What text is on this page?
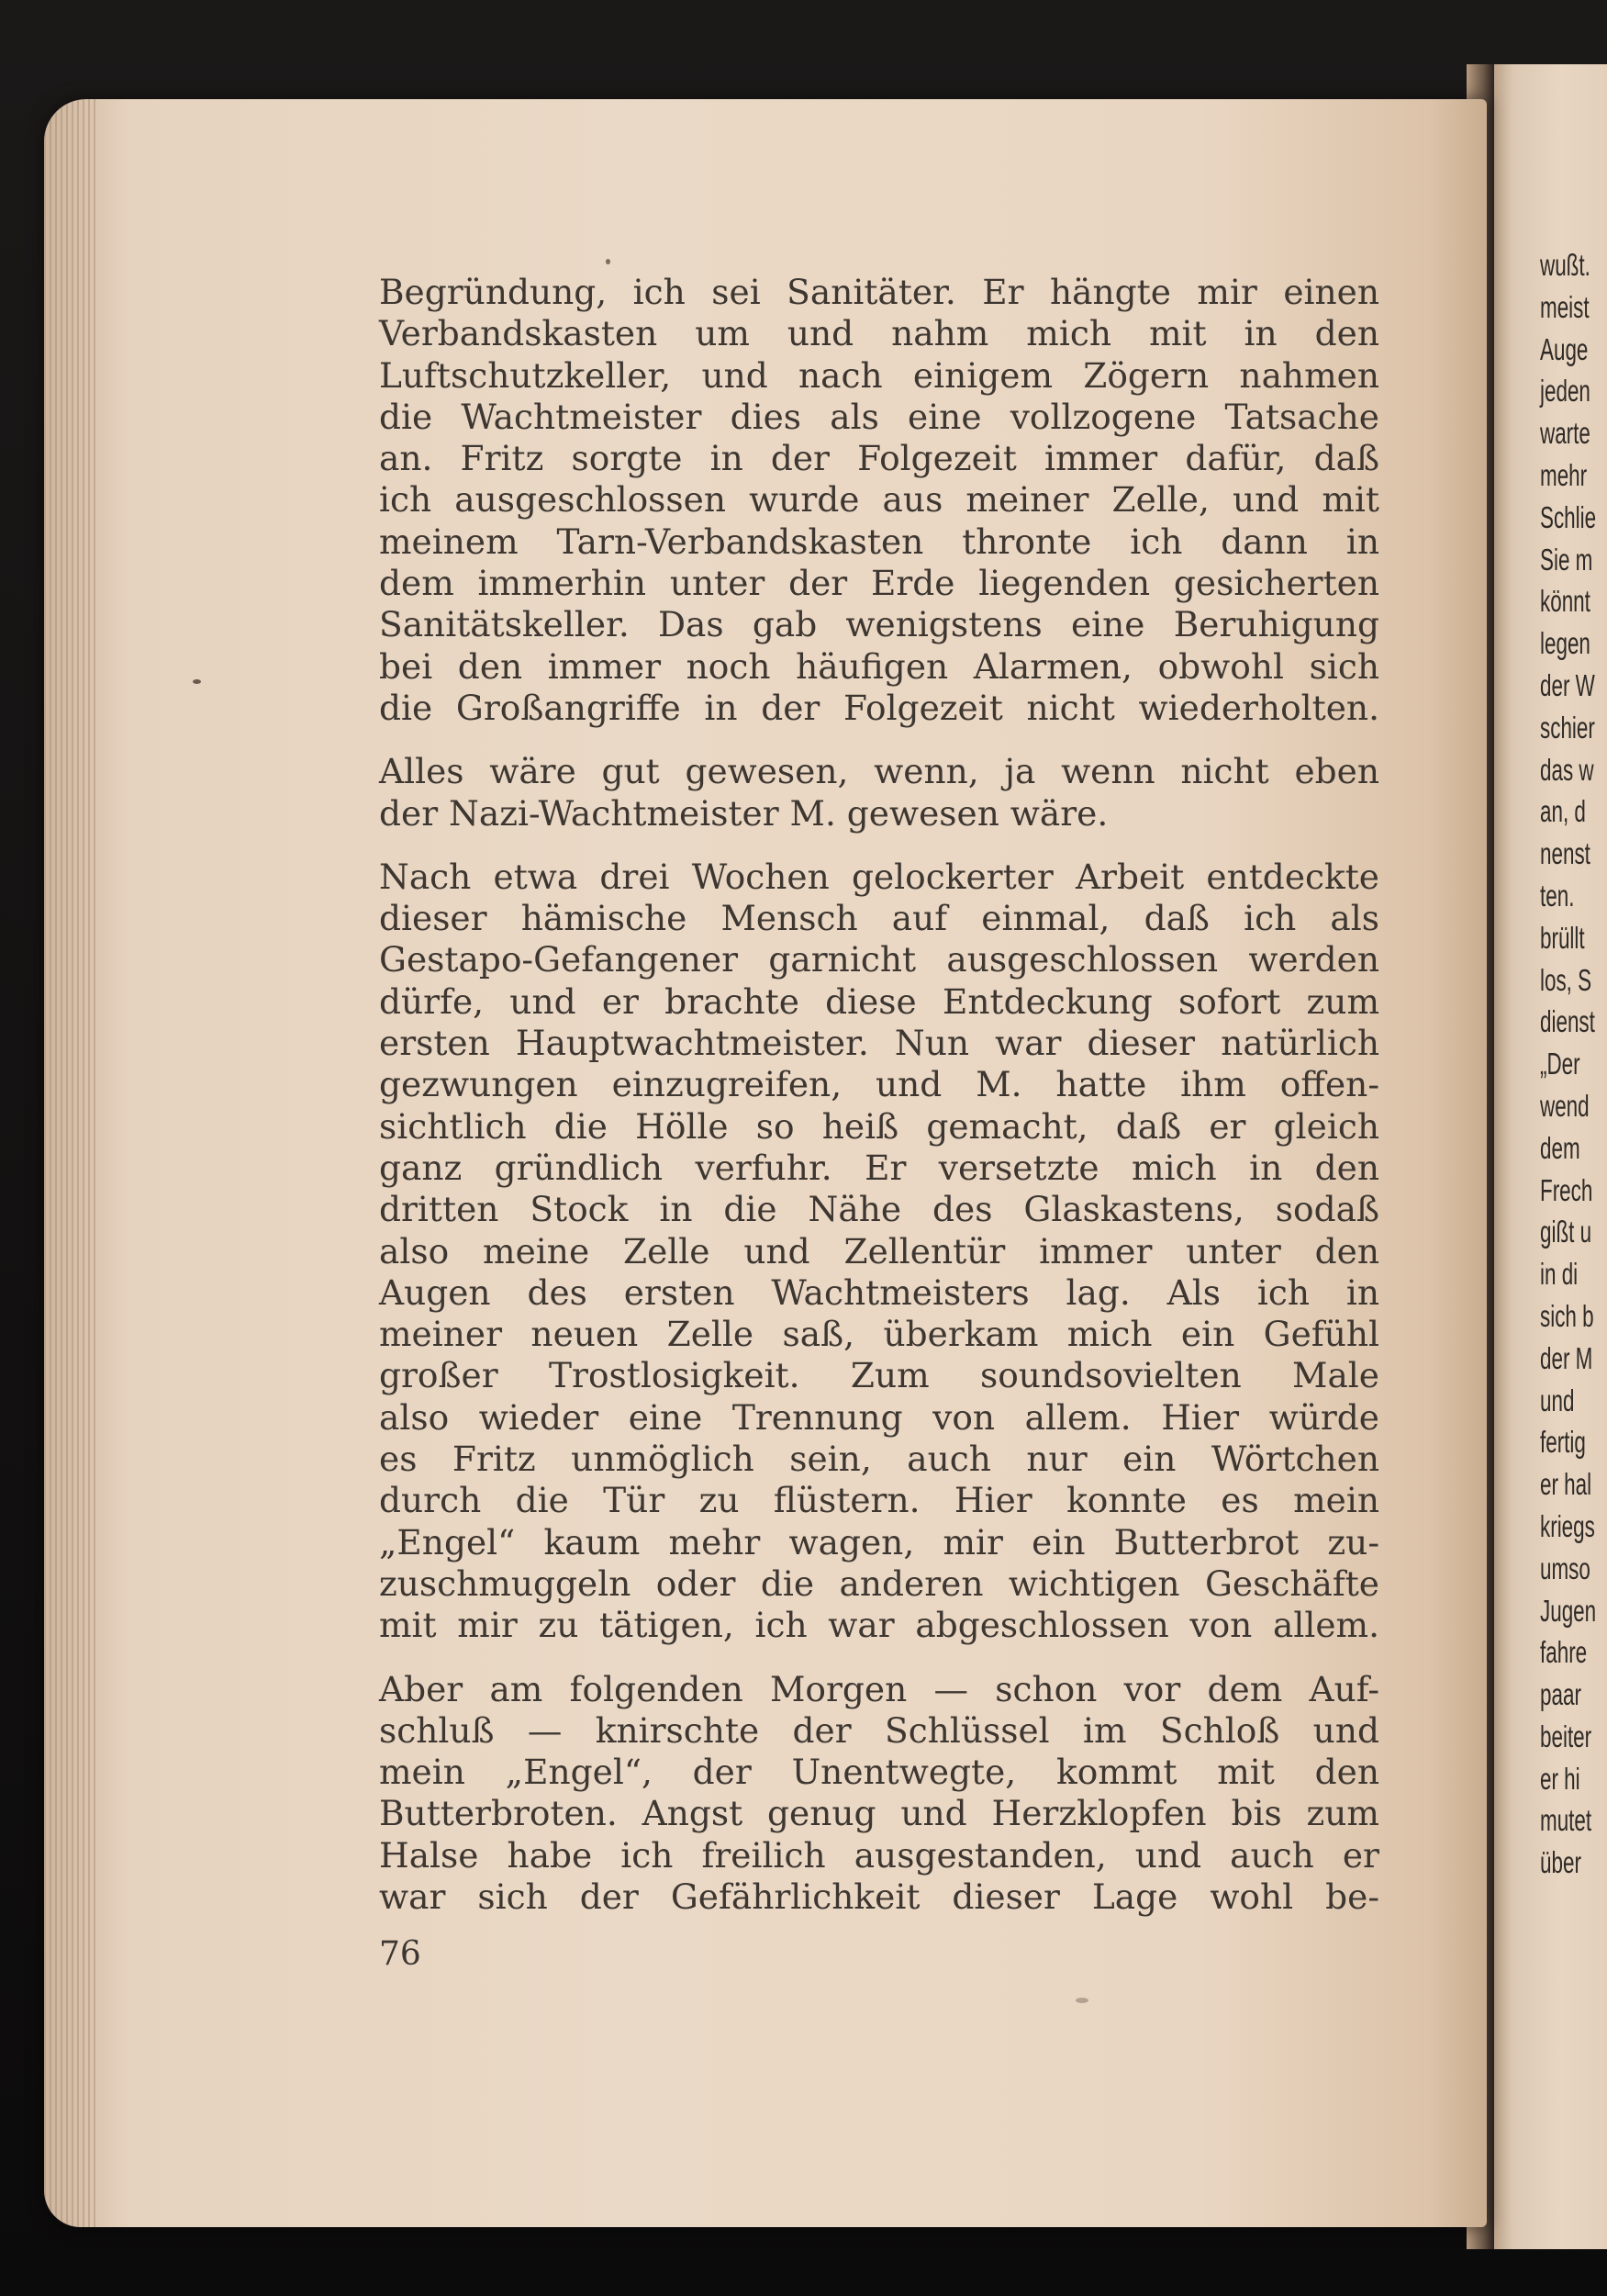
Begründung, ich sei Sanitäter. Er hängte mir einen
Verbandskasten um und nahm mich mit in den
Luftschutzkeller, und nach einigem Zögern nahmen
die Wachtmeister dies als eine vollzogene Tatsache
an. Fritz sorgte in der Folgezeit immer dafür, daß
ich ausgeschlossen wurde aus meiner Zelle, und mit
meinem Tarn-Verbandskasten thronte ich dann in
dem immerhin unter der Erde liegenden gesicherten
Sanitätskeller. Das gab wenigstens eine Beruhigung
bei den immer noch häufigen Alarmen, obwohl sich
die Großangriffe in der Folgezeit nicht wiederholten.
Alles wäre gut gewesen, wenn, ja wenn nicht eben
der Nazi-Wachtmeister M. gewesen wäre.
Nach etwa drei Wochen gelockerter Arbeit entdeckte
dieser hämische Mensch auf einmal, daß ich als
Gestapo-Gefangener garnicht ausgeschlossen werden
dürfe, und er brachte diese Entdeckung sofort zum
ersten Hauptwachtmeister. Nun war dieser natürlich
gezwungen einzugreifen, und M. hatte ihm offen-
sichtlich die Hölle so heiß gemacht, daß er gleich
ganz gründlich verfuhr. Er versetzte mich in den
dritten Stock in die Nähe des Glaskastens, sodaß
also meine Zelle und Zellentür immer unter den
Augen des ersten Wachtmeisters lag. Als ich in
meiner neuen Zelle saß, überkam mich ein Gefühl
großer Trostlosigkeit. Zum soundsovielten Male
also wieder eine Trennung von allem. Hier würde
es Fritz unmöglich sein, auch nur ein Wörtchen
durch die Tür zu flüstern. Hier konnte es mein
„Engel“ kaum mehr wagen, mir ein Butterbrot zu-
zuschmuggeln oder die anderen wichtigen Geschäfte
mit mir zu tätigen, ich war abgeschlossen von allem.
Aber am folgenden Morgen — schon vor dem Auf-
schluß — knirschte der Schlüssel im Schloß und
mein „Engel“, der Unentwegte, kommt mit den
Butterbroten. Angst genug und Herzklopfen bis zum
Halse habe ich freilich ausgestanden, und auch er
war sich der Gefährlichkeit dieser Lage wohl be-
76
wußt.
meist
Auge
jeden
warte
mehr
Schlie
Sie m
könnt
legen
der W
schier
das w
an, d
nenst
ten.
brüllt
los, S
dienst
„Der
wend
dem
Frech
gißt u
in di
sich b
der M
und
fertig
er hal
kriegs
umso
Jugen
fahre
paar
beiter
er hi
mutet
über
